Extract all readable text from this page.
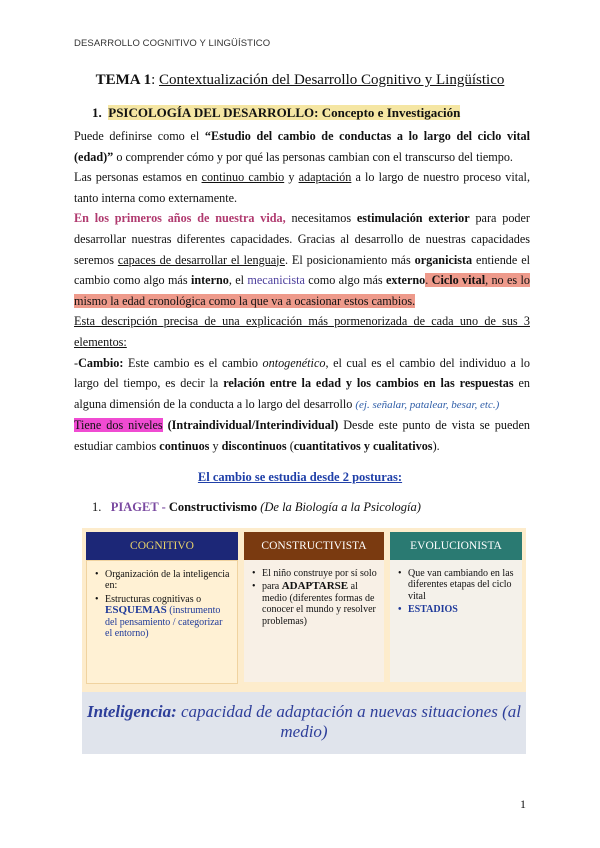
DESARROLLO COGNITIVO Y LINGÜÍSTICO
TEMA 1: Contextualización del Desarrollo Cognitivo y Lingüístico
1. PSICOLOGÍA DEL DESARROLLO: Concepto e Investigación

Puede definirse como el “Estudio del cambio de conductas a lo largo del ciclo vital (edad)” o comprender cómo y por qué las personas cambian con el transcurso del tiempo.

Las personas estamos en continuo cambio y adaptación a lo largo de nuestro proceso vital, tanto interna como externamente.

En los primeros años de nuestra vida, necesitamos estimulación exterior para poder desarrollar nuestras diferentes capacidades. Gracias al desarrollo de nuestras capacidades seremos capaces de desarrollar el lenguaje. El posicionamiento más organicista entiende el cambio como algo más interno, el mecanicista como algo más externo. Ciclo vital, no es lo mismo la edad cronológica como la que va a ocasionar estos cambios.

Esta descripción precisa de una explicación más pormenorizada de cada uno de sus 3 elementos:

-Cambio: Este cambio es el cambio ontogenético, el cual es el cambio del individuo a lo largo del tiempo, es decir la relación entre la edad y los cambios en las respuestas en alguna dimensión de la conducta a lo largo del desarrollo (ej. señalar, patalear, besar, etc.)

Tiene dos niveles (Intraindividual/Interindividual) Desde este punto de vista se pueden estudiar cambios continuos y discontinuos (cuantitativos y cualitativos).

El cambio se estudia desde 2 posturas:
1. PIAGET - Constructivismo (De la Biología a la Psicología)
COGNITIVO
• Organización de la inteligencia en:
• Estructuras cognitivas o ESQUEMAS (instrumento del pensamiento / categorizar el entorno)
CONSTRUCTIVISTA
• El niño construye por sí solo
• para ADAPTARSE al medio (diferentes formas de conocer el mundo y resolver problemas)
EVOLUCIONISTA
• Que van cambiando en las diferentes etapas del ciclo vital
• ESTADIOS
Inteligencia: capacidad de adaptación a nuevas situaciones (al medio)
1
